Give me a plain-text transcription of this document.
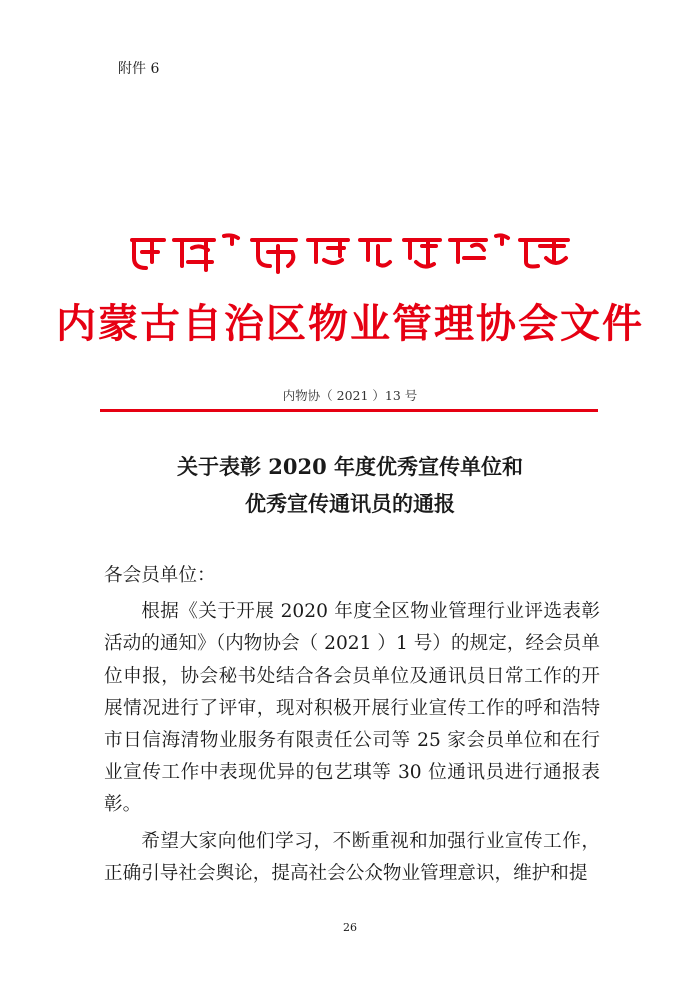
附件 6
ᠦᠪᠦᠷ ᠮᠣᠩᠭᠣᠯ ᠤᠨ ᠦᠪᠡᠷᠲᠡᠭᠡᠨ ᠵᠠᠰᠠᠬᠤ ᠣᠷᠤᠨ ᠤ
内蒙古自治区物业管理协会文件
内物协（ 2021 ）13 号
关于表彰 2020 年度优秀宣传单位和
优秀宣传通讯员的通报

各会员单位：

根据《关于开展 2020 年度全区物业管理行业评选表彰活动的通知》（内物协会（ 2021 ）1 号）的规定，经会员单位申报，协会秘书处结合各会员单位及通讯员日常工作的开展情况进行了评审，现对积极开展行业宣传工作的呼和浩特市日信海清物业服务有限责任公司等 25 家会员单位和在行业宣传工作中表现优异的包艺琪等 30 位通讯员进行通报表彰。

希望大家向他们学习，不断重视和加强行业宣传工作，正确引导社会舆论，提高社会公众物业管理意识，维护和提

26
